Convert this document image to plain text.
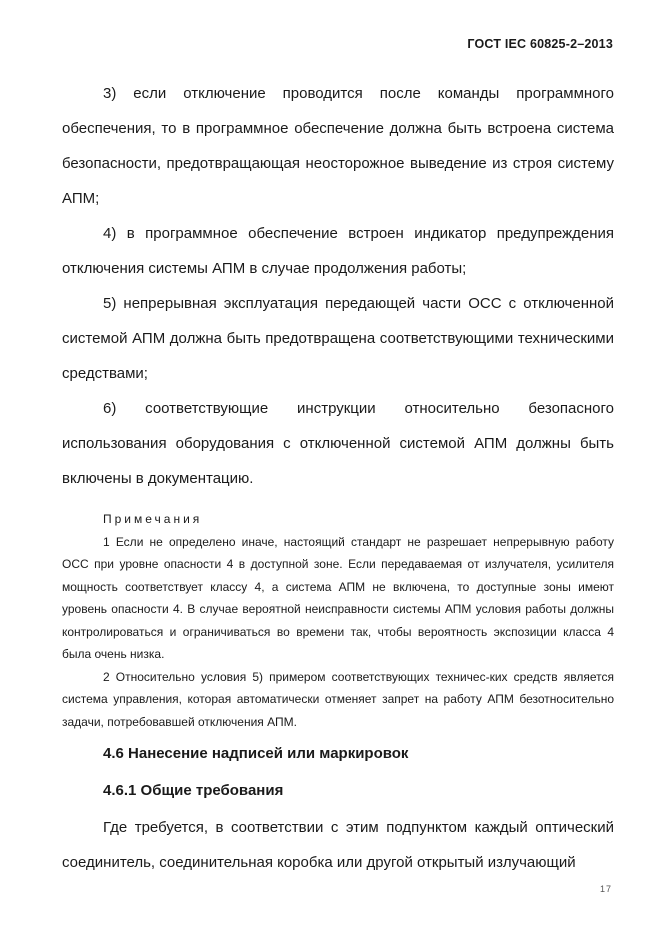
ГОСТ IEC 60825-2–2013

3) если отключение проводится после команды программного обеспечения, то в программное обеспечение должна быть встроена система безопасности, предотвращающая неосторожное выведение из строя систему АПМ;

4) в программное обеспечение встроен индикатор предупреждения отключения системы АПМ в случае продолжения работы;

5) непрерывная эксплуатация передающей части ОСС с отключенной системой АПМ должна быть предотвращена соответствующими техническими средствами;

6) соответствующие инструкции относительно безопасного использования оборудования с отключенной системой АПМ должны быть включены в документацию.

Примечания

1 Если не определено иначе, настоящий стандарт не разрешает непрерывную работу ОСС при уровне опасности 4 в доступной зоне. Если передаваемая от излучателя, усилителя мощность соответствует классу 4, а система АПМ не включена, то доступные зоны имеют уровень опасности 4. В случае вероятной неисправности системы АПМ условия работы должны контролироваться и ограничиваться во времени так, чтобы вероятность экспозиции класса 4 была очень низка.

2 Относительно условия 5) примером соответствующих техничес-ких средств является система управления, которая автоматически отменяет запрет на работу АПМ безотносительно задачи, потребовавшей отключения АПМ.

4.6 Нанесение надписей или маркировок
4.6.1 Общие требования

Где требуется, в соответствии с этим подпунктом каждый оптический соединитель, соединительная коробка или другой открытый излучающий

17
